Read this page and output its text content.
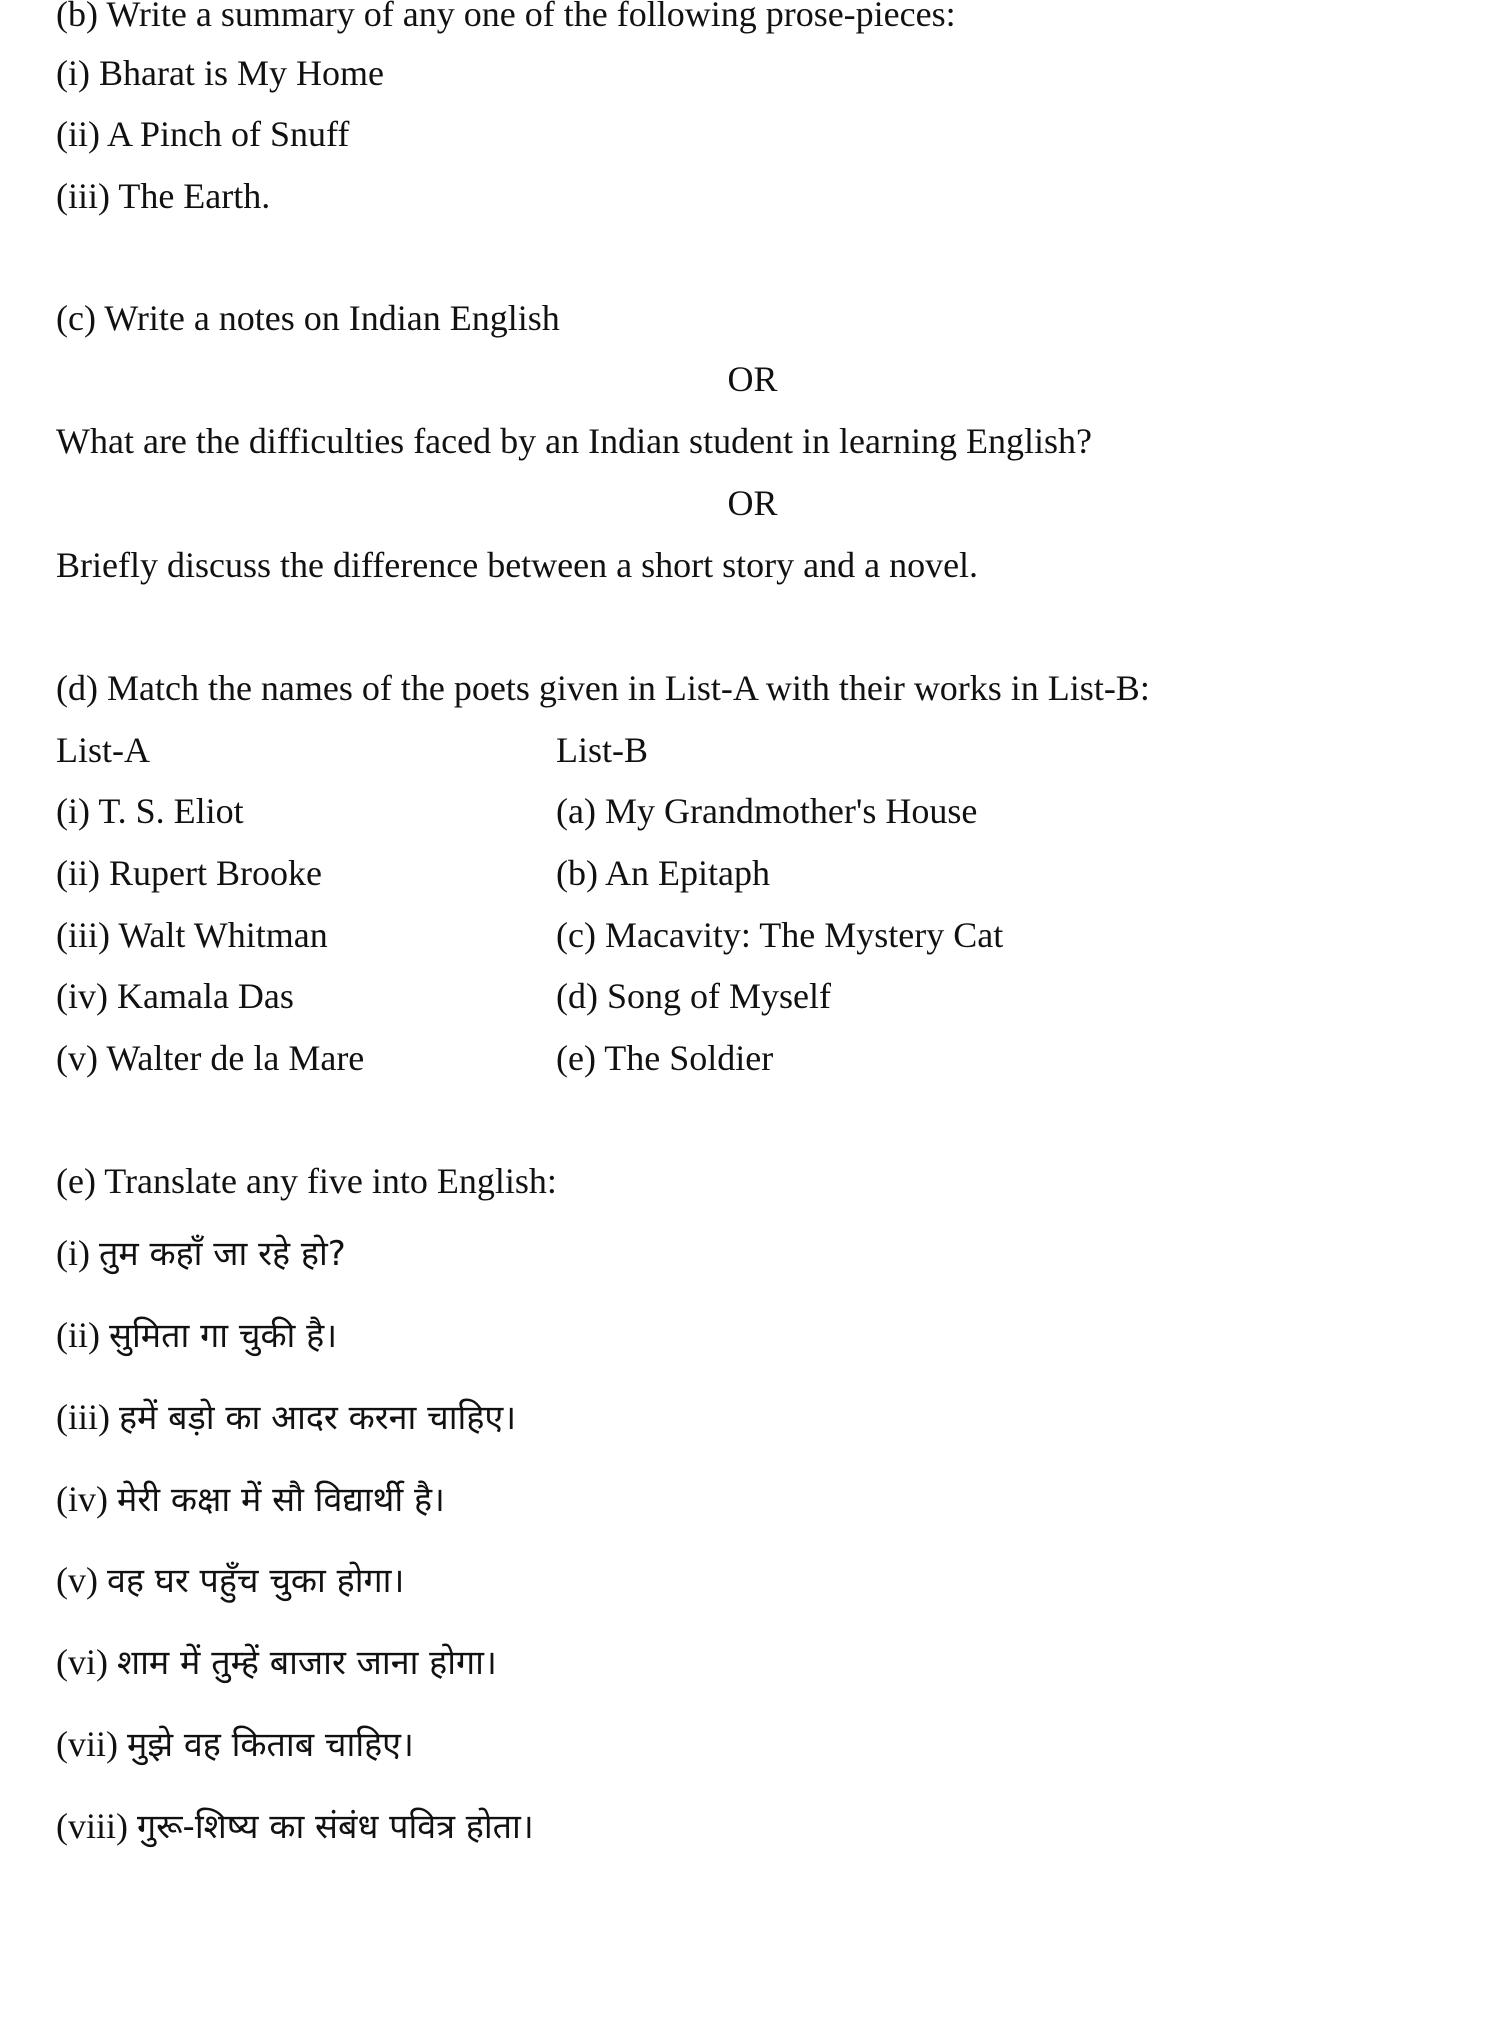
(b) Write a summary of any one of the following prose-pieces:
(i) Bharat is My Home
(ii) A Pinch of Snuff
(iii) The Earth.
(c) Write a notes on Indian English
OR
What are the difficulties faced by an Indian student in learning English?
OR
Briefly discuss the difference between a short story and a novel.
(d) Match the names of the poets given in List-A with their works in List-B:
List-A	List-B
(i) T. S. Eliot	(a) My Grandmother's House
(ii) Rupert Brooke	(b) An Epitaph
(iii) Walt Whitman	(c) Macavity: The Mystery Cat
(iv) Kamala Das	(d) Song of Myself
(v) Walter de la Mare	(e) The Soldier
(e) Translate any five into English:
(i) तुम कहाँ जा रहे हो?
(ii) सुमिता गा चुकी है।
(iii) हमें बड़ो का आदर करना चाहिए।
(iv) मेरी कक्षा में सौ विद्यार्थी है।
(v) वह घर पहुँच चुका होगा।
(vi) शाम में तुम्हें बाजार जाना होगा।
(vii) मुझे वह किताब चाहिए।
(viii) गुरू-शिष्य का संबंध पवित्र होता।
